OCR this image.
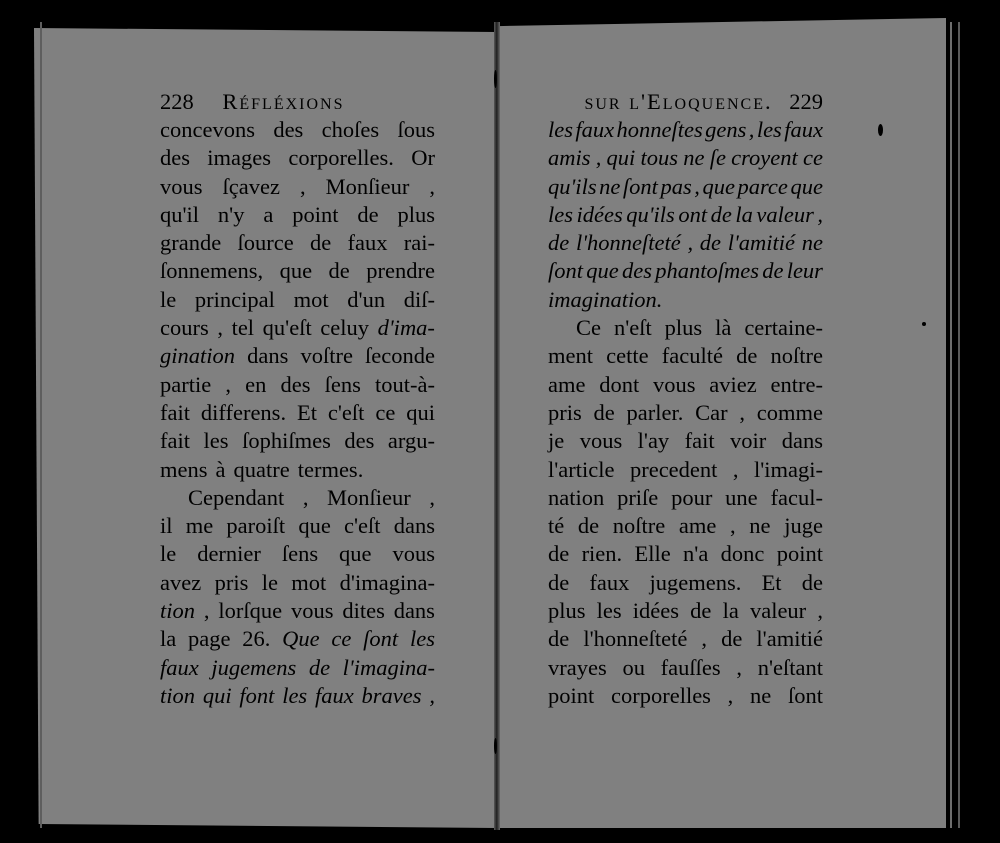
228 Réfléxions
concevons des choſes ſous
des images corporelles. Or
vous ſçavez , Monſieur ,
qu'il n'y a point de plus
grande ſource de faux rai-
ſonnemens, que de prendre
le principal mot d'un diſ-
cours , tel qu'eſt celuy d'ima-
gination dans voſtre ſeconde
partie , en des ſens tout-à-
fait differens. Et c'eſt ce qui
fait les ſophiſmes des argu-
mens à quatre termes.
Cependant , Monſieur ,
il me paroiſt que c'eſt dans
le dernier ſens que vous
avez pris le mot d'imagina-
tion , lorſque vous dites dans
la page 26. Que ce ſont les
faux jugemens de l'imagina-
tion qui font les faux braves ,
sur l'Eloquence. 229
les faux honneſtes gens , les faux
amis , qui tous ne ſe croyent ce
qu'ils ne ſont pas , que parce que
les idées qu'ils ont de la valeur ,
de l'honneſteté , de l'amitié ne
ſont que des phantoſmes de leur
imagination.
Ce n'eſt plus là certaine-
ment cette faculté de noſtre
ame dont vous aviez entre-
pris de parler. Car , comme
je vous l'ay fait voir dans
l'article precedent , l'imagi-
nation priſe pour une facul-
té de noſtre ame , ne juge
de rien. Elle n'a donc point
de faux jugemens. Et de
plus les idées de la valeur ,
de l'honneſteté , de l'amitié
vrayes ou fauſſes , n'eſtant
point corporelles , ne ſont
